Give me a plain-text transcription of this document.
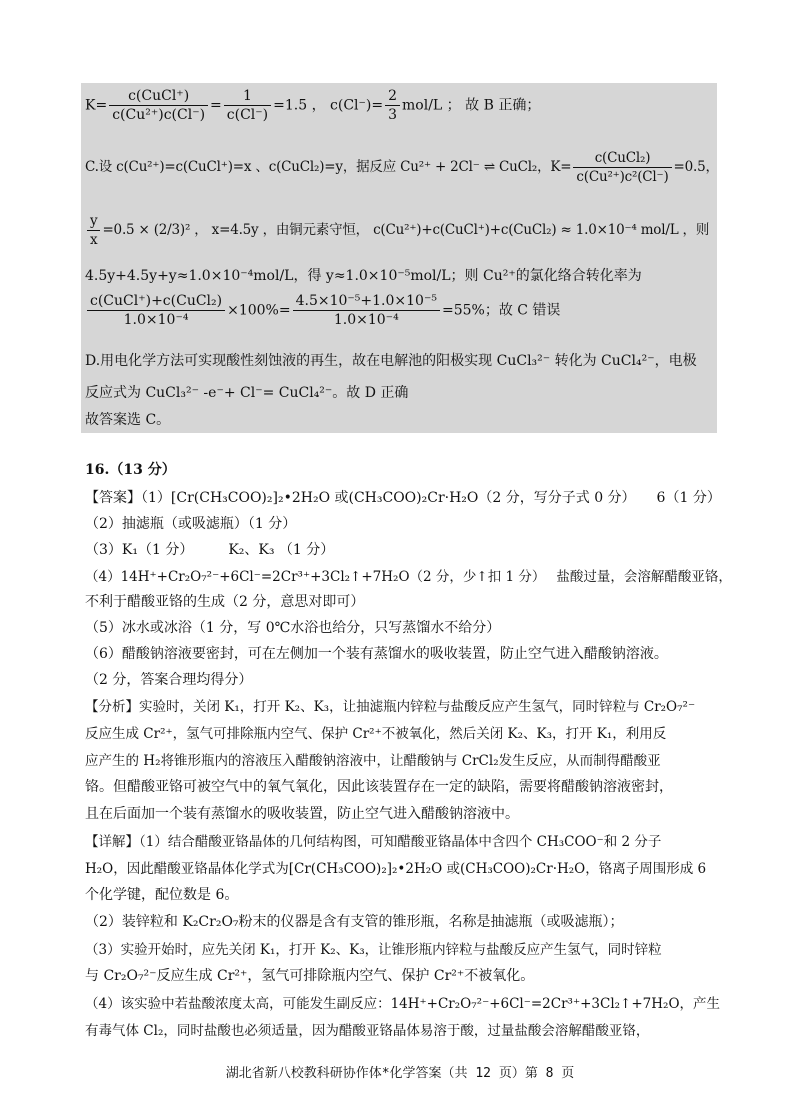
$K= \frac{\text{c(CuCl⁺)}}{\text{c(Cu²⁺)c(Cl⁻)}} = \frac{1}{c(Cl^-)} =1.5$ ， $c(Cl^-)= \frac{2}{3} mol/L$ ； 故 B 正确；
C.设 c(Cu²⁺)=c(CuCl⁺)=x 、c(CuCl₂)=y，据反应 Cu²⁺ + 2Cl⁻ ⇌ CuCl₂，$K= \frac{\text{c(CuCl₂)}}{\text{c(Cu²⁺)c²(Cl⁻)}} =0.5$，
$\frac{y}{x} =0.5 \times (2/3)^2$ ， x=4.5y ，由铜元素守恒， c(Cu²⁺)+c(CuCl⁺)+c(CuCl₂) ≈ 1.0×10⁻⁴ mol/L ，则
4.5y+4.5y+y≈1.0×10⁻⁴mol/L，得 y≈1.0×10⁻⁵mol/L；则 Cu²⁺的氯化络合转化率为
$\frac{\text{c(CuCl⁺)+c(CuCl₂)}}{\text{1.0×10⁻⁴}} \times 100\%= \frac{\text{4.5×10⁻⁵+1.0×10⁻⁵}}{\text{1.0×10⁻⁴}} =55\%$；故 C 错误
D.用电化学方法可实现酸性刻蚀液的再生，故在电解池的阳极实现 CuCl₃²⁻ 转化为 CuCl₄²⁻，电极
反应式为 CuCl₃²⁻ -e⁻+ Cl⁻= CuCl₄²⁻。故 D 正确
故答案选 C。
16.（13 分）
【答案】（1）[Cr(CH₃COO)₂]₂•2H₂O 或(CH₃COO)₂Cr·H₂O（2 分，写分子式 0 分）　　6（1 分）
（2）抽滤瓶（或吸滤瓶）（1 分）
（3）K₁（1 分）　　　K₂、K₃ （1 分）
（4）14H⁺+Cr₂O₇²⁻+6Cl⁻=2Cr³⁺+3Cl₂↑+7H₂O（2 分，少↑扣 1 分）　 盐酸过量，会溶解醋酸亚铬，
不利于醋酸亚铬的生成（2 分，意思对即可）
（5）冰水或冰浴（1 分，写 0℃水浴也给分，只写蒸馏水不给分）
（6）醋酸钠溶液要密封，可在左侧加一个装有蒸馏水的吸收装置，防止空气进入醋酸钠溶液。
（2 分，答案合理均得分）
【分析】实验时，关闭 K₁，打开 K₂、K₃，让抽滤瓶内锌粒与盐酸反应产生氢气，同时锌粒与 Cr₂O₇²⁻
反应生成 Cr²⁺，氢气可排除瓶内空气、保护 Cr²⁺不被氧化，然后关闭 K₂、K₃，打开 K₁，利用反
应产生的 H₂将锥形瓶内的溶液压入醋酸钠溶液中，让醋酸钠与 CrCl₂发生反应，从而制得醋酸亚
铬。但醋酸亚铬可被空气中的氧气氧化，因此该装置存在一定的缺陷，需要将醋酸钠溶液密封，
且在后面加一个装有蒸馏水的吸收装置，防止空气进入醋酸钠溶液中。
【详解】（1）结合醋酸亚铬晶体的几何结构图，可知醋酸亚铬晶体中含四个 CH₃COO⁻和 2 分子
H₂O，因此醋酸亚铬晶体化学式为[Cr(CH₃COO)₂]₂•2H₂O 或(CH₃COO)₂Cr·H₂O，铬离子周围形成 6
个化学键，配位数是 6。
（2）装锌粒和 K₂Cr₂O₇粉末的仪器是含有支管的锥形瓶，名称是抽滤瓶（或吸滤瓶）；
（3）实验开始时，应先关闭 K₁，打开 K₂、K₃，让锥形瓶内锌粒与盐酸反应产生氢气，同时锌粒
与 Cr₂O₇²⁻反应生成 Cr²⁺，氢气可排除瓶内空气、保护 Cr²⁺不被氧化。
（4）该实验中若盐酸浓度太高，可能发生副反应：14H⁺+Cr₂O₇²⁻+6Cl⁻=2Cr³⁺+3Cl₂↑+7H₂O，产生
有毒气体 Cl₂，同时盐酸也必须适量，因为醋酸亚铬晶体易溶于酸，过量盐酸会溶解醋酸亚铬，
湖北省新八校教科研协作体*化学答案（共 12 页）第 8 页
